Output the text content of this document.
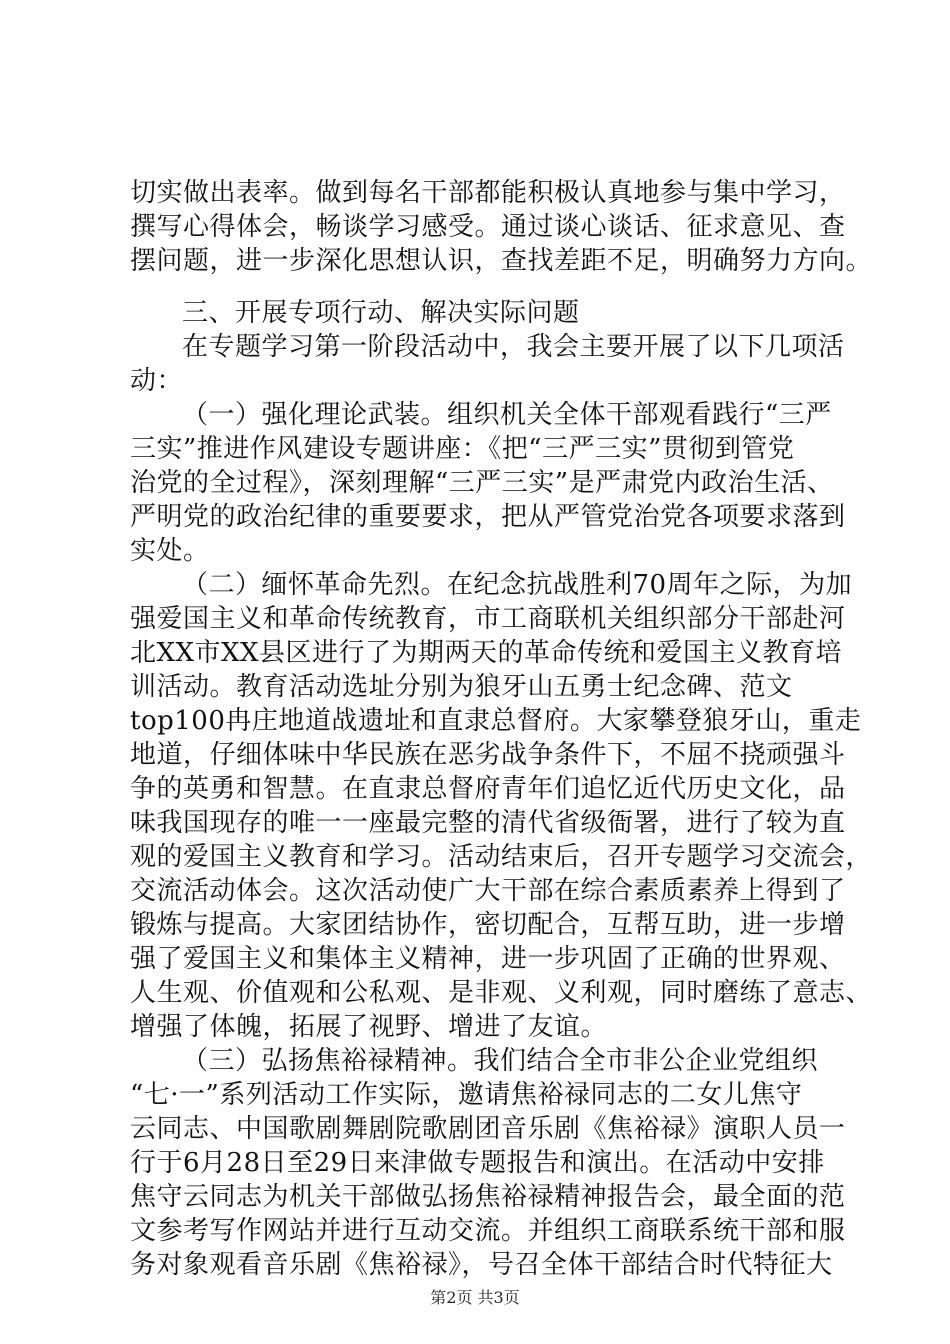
切实做出表率。做到每名干部都能积极认真地参与集中学习，
撰写心得体会，畅谈学习感受。通过谈心谈话、征求意见、查
摆问题，进一步深化思想认识，查找差距不足，明确努力方向。
三、开展专项行动、解决实际问题
在专题学习第一阶段活动中，我会主要开展了以下几项活
动：
（一）强化理论武装。组织机关全体干部观看践行“三严
三实”推进作风建设专题讲座：《把“三严三实”贯彻到管党
治党的全过程》，深刻理解“三严三实”是严肃党内政治生活、
严明党的政治纪律的重要要求，把从严管党治党各项要求落到
实处。
（二）缅怀革命先烈。在纪念抗战胜利70周年之际，为加
强爱国主义和革命传统教育，市工商联机关组织部分干部赴河
北XX市XX县区进行了为期两天的革命传统和爱国主义教育培
训活动。教育活动选址分别为狼牙山五勇士纪念碑、范文
top100冉庄地道战遗址和直隶总督府。大家攀登狼牙山，重走
地道，仔细体味中华民族在恶劣战争条件下，不屈不挠顽强斗
争的英勇和智慧。在直隶总督府青年们追忆近代历史文化，品
味我国现存的唯一一座最完整的清代省级衙署，进行了较为直
观的爱国主义教育和学习。活动结束后，召开专题学习交流会，
交流活动体会。这次活动使广大干部在综合素质素养上得到了
锻炼与提高。大家团结协作，密切配合，互帮互助，进一步增
强了爱国主义和集体主义精神，进一步巩固了正确的世界观、
人生观、价值观和公私观、是非观、义利观，同时磨练了意志、
增强了体魄，拓展了视野、增进了友谊。
（三）弘扬焦裕禄精神。我们结合全市非公企业党组织
“七·一”系列活动工作实际，邀请焦裕禄同志的二女儿焦守
云同志、中国歌剧舞剧院歌剧团音乐剧《焦裕禄》演职人员一
行于6月28日至29日来津做专题报告和演出。在活动中安排
焦守云同志为机关干部做弘扬焦裕禄精神报告会，最全面的范
文参考写作网站并进行互动交流。并组织工商联系统干部和服
务对象观看音乐剧《焦裕禄》，号召全体干部结合时代特征大
第2页 共3页
